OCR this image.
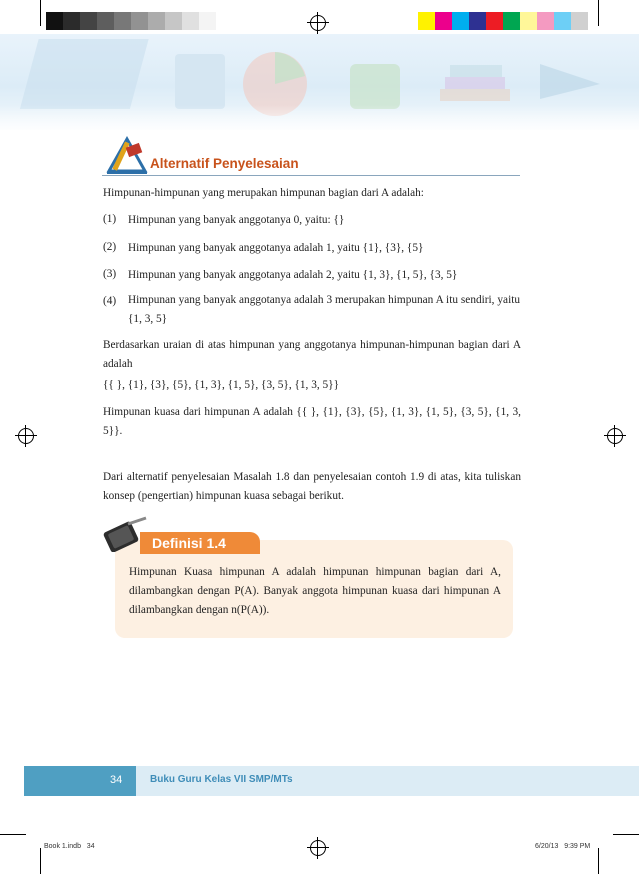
Alternatif Penyelesaian
Himpunan-himpunan yang merupakan himpunan bagian dari A adalah:
(1) Himpunan yang banyak anggotanya 0, yaitu: {}
(2) Himpunan yang banyak anggotanya adalah 1, yaitu {1}, {3}, {5}
(3) Himpunan yang banyak anggotanya adalah 2, yaitu {1, 3}, {1, 5}, {3, 5}
(4) Himpunan yang banyak anggotanya adalah 3 merupakan himpunan A itu sendiri, yaitu {1, 3, 5}
Berdasarkan uraian di atas himpunan yang anggotanya himpunan-himpunan bagian dari A adalah
{{ }, {1}, {3}, {5}, {1, 3}, {1, 5}, {3, 5}, {1, 3, 5}}
Himpunan kuasa dari himpunan A adalah {{ }, {1}, {3}, {5}, {1, 3}, {1, 5}, {3, 5}, {1, 3, 5}}.
Dari alternatif penyelesaian Masalah 1.8 dan penyelesaian contoh 1.9 di atas, kita tuliskan konsep (pengertian) himpunan kuasa sebagai berikut.
Definisi 1.4
Himpunan Kuasa himpunan A adalah himpunan himpunan bagian dari A, dilambangkan dengan P(A). Banyak anggota himpunan kuasa dari himpunan A dilambangkan dengan n(P(A)).
34	Buku Guru Kelas VII SMP/MTs
Book 1.indb   34	6/20/13   9:39 PM
